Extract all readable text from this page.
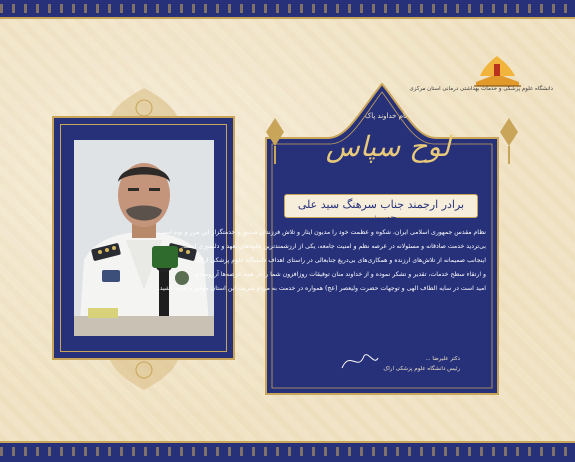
به نام خداوند پاک
لوح سپاس
برادر ارجمند جناب سرهنگ سید علی حسینی
نظام مقدس جمهوری اسلامی ایران، شکوه و عظمت خود را مدیون ایثار و تلاش فرزندان صدیق و خدمتگزار این مرز و بوم است.
بی‌تردید خدمت صادقانه و مسئولانه در عرصه نظم و امنیت جامعه، یکی از ارزشمندترین جلوه‌های تعهد و دلسوزی است.
اینجانب صمیمانه از تلاش‌های ارزنده و همکاری‌های بی‌دریغ جنابعالی در راستای اهداف دانشگاه علوم پزشکی اراک
و ارتقاء سطح خدمات، تقدیر و تشکر نموده و از خداوند منان توفیقات روزافزون شما را در همه عرصه‌ها آرزومندم.
امید است در سایه الطاف الهی و توجهات حضرت ولیعصر (عج) همواره در خدمت به مردم شریف این استان موفق و مؤید باشید.
دکتر علیرضا ...
رئیس دانشگاه علوم پزشکی اراک
دانشگاه علوم پزشکی و خدمات بهداشتی درمانی استان مرکزی
